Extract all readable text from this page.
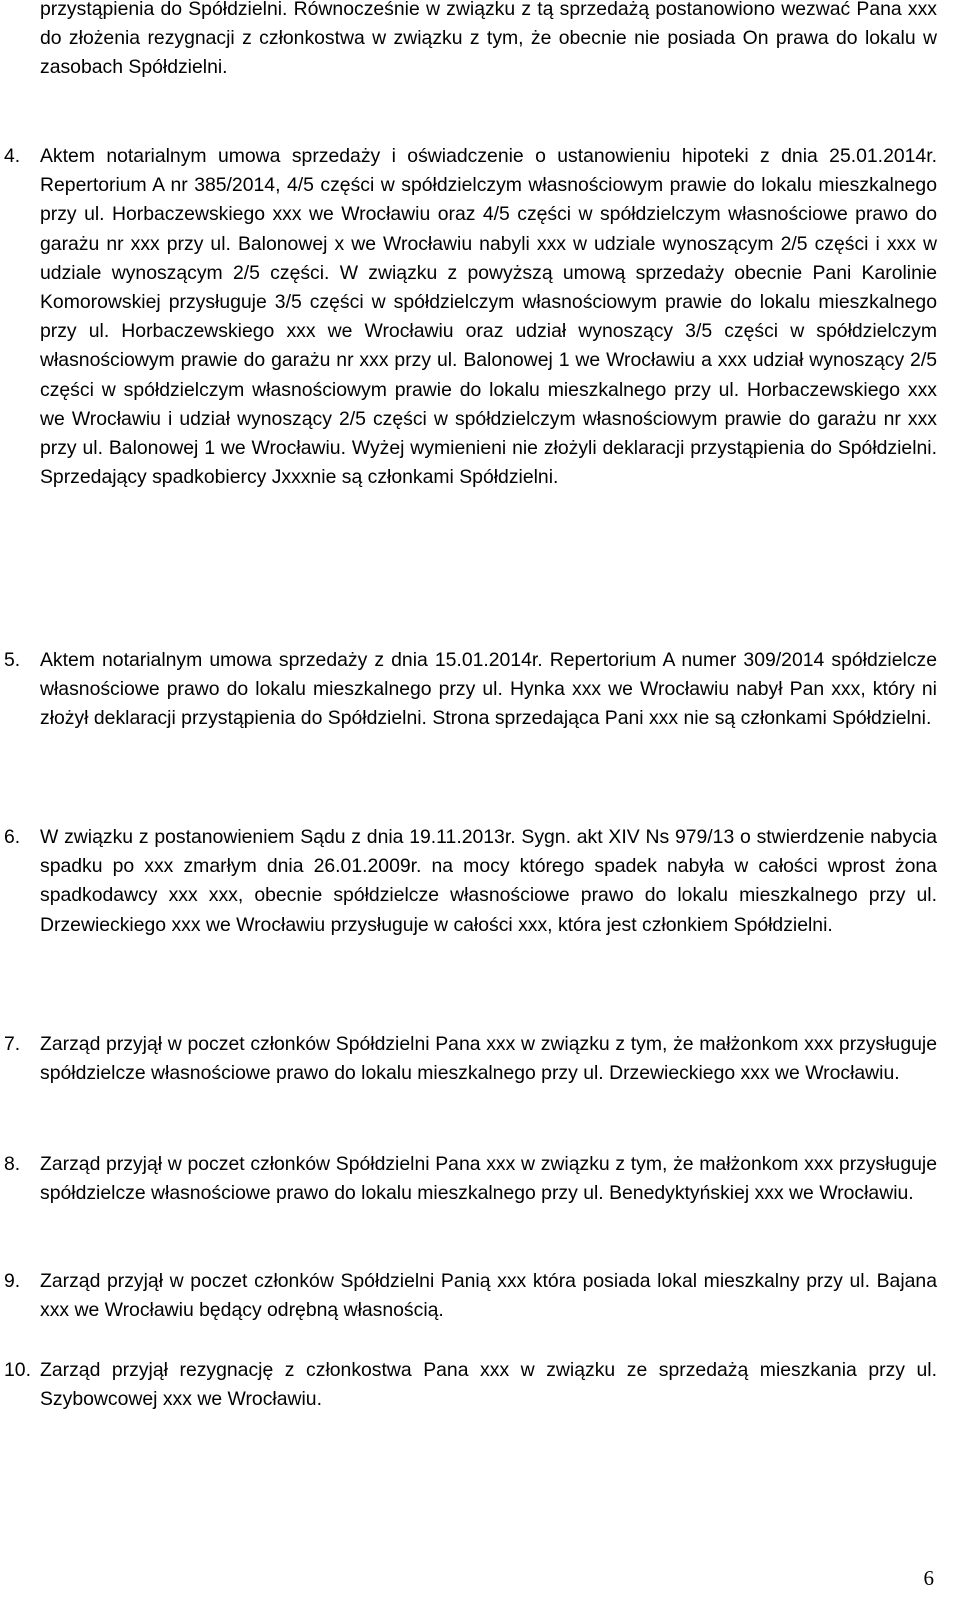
przystąpienia do Spółdzielni. Równocześnie w związku z tą sprzedażą postanowiono wezwać Pana xxx do złożenia rezygnacji z członkostwa w związku z tym, że obecnie nie posiada On prawa do lokalu w zasobach Spółdzielni.

4.	Aktem notarialnym umowa sprzedaży i oświadczenie o ustanowieniu hipoteki z dnia 25.01.2014r. Repertorium A nr 385/2014, 4/5 części w spółdzielczym własnościowym prawie do lokalu mieszkalnego przy ul. Horbaczewskiego xxx we Wrocławiu oraz 4/5 części w spółdzielczym własnościowe prawo do garażu nr xxx przy ul. Balonowej x we Wrocławiu nabyli xxx w udziale wynoszącym 2/5 części i xxx w udziale wynoszącym 2/5 części. W związku z powyższą umową sprzedaży obecnie Pani Karolinie Komorowskiej przysługuje 3/5 części w spółdzielczym własnościowym prawie do lokalu mieszkalnego przy ul. Horbaczewskiego xxx we Wrocławiu oraz udział wynoszący 3/5 części w spółdzielczym własnościowym prawie do garażu nr xxx przy ul. Balonowej 1 we Wrocławiu a xxx udział wynoszący 2/5 części w spółdzielczym własnościowym prawie do lokalu mieszkalnego przy ul. Horbaczewskiego xxx we Wrocławiu i udział wynoszący 2/5 części w spółdzielczym własnościowym prawie do garażu nr xxx przy ul. Balonowej 1 we Wrocławiu. Wyżej wymienieni nie złożyli deklaracji przystąpienia do Spółdzielni. Sprzedający spadkobiercy Jxxxnie są członkami Spółdzielni.
5.	Aktem notarialnym umowa sprzedaży z dnia 15.01.2014r. Repertorium A numer 309/2014 spółdzielcze własnościowe prawo do lokalu mieszkalnego przy ul. Hynka xxx we Wrocławiu nabył Pan xxx, który ni złożył deklaracji przystąpienia do Spółdzielni. Strona sprzedająca Pani xxx nie są członkami Spółdzielni.
6.	W związku z postanowieniem Sądu z dnia 19.11.2013r. Sygn. akt XIV Ns 979/13 o stwierdzenie nabycia spadku po xxx zmarłym dnia 26.01.2009r. na mocy którego spadek nabyła w całości wprost żona spadkodawcy xxx xxx, obecnie spółdzielcze własnościowe prawo do lokalu mieszkalnego przy ul. Drzewieckiego xxx we Wrocławiu przysługuje w całości xxx, która jest członkiem Spółdzielni.
7.	Zarząd przyjął w poczet członków Spółdzielni Pana xxx w związku z tym, że małżonkom xxx przysługuje spółdzielcze własnościowe prawo do lokalu mieszkalnego przy ul. Drzewieckiego xxx we Wrocławiu.
8.	Zarząd przyjął w poczet członków Spółdzielni Pana xxx w związku z tym, że małżonkom xxx przysługuje spółdzielcze własnościowe prawo do lokalu mieszkalnego przy ul. Benedyktyńskiej xxx we Wrocławiu.
9.	Zarząd przyjął w poczet członków Spółdzielni Panią xxx która posiada lokal mieszkalny przy ul. Bajana xxx we Wrocławiu będący odrębną własnością.
10. Zarząd przyjął rezygnację z członkostwa Pana xxx w związku ze sprzedażą mieszkania przy ul. Szybowcowej xxx we Wrocławiu.
6
